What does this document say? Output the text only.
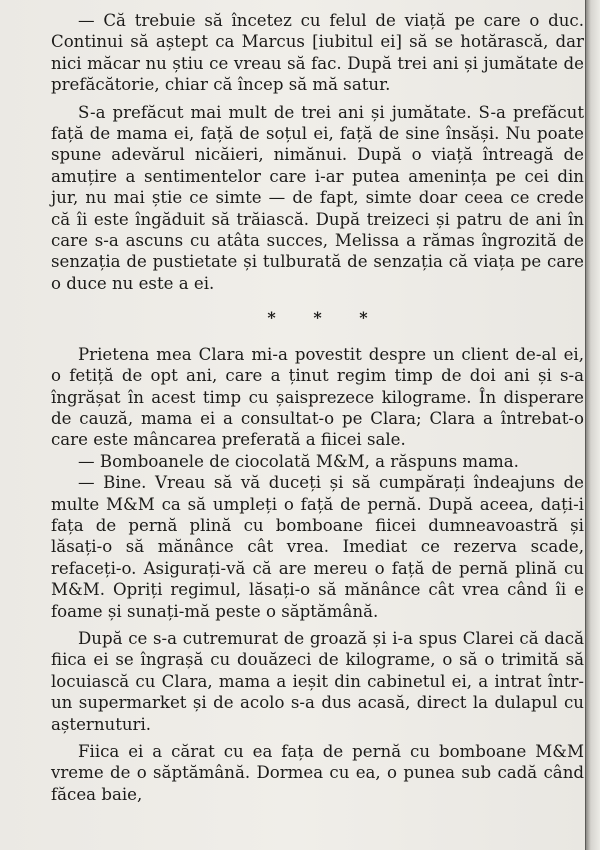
— Că trebuie să încetez cu felul de viață pe care o duc. Continui să aștept ca Marcus [iubitul ei] să se hotărască, dar nici măcar nu știu ce vreau să fac. După trei ani și jumătate de prefăcătorie, chiar că încep să mă satur.

S-a prefăcut mai mult de trei ani și jumătate. S-a prefăcut față de mama ei, față de soțul ei, față de sine însăși. Nu poate spune adevărul nicăieri, nimănui. După o viață întreagă de amuțire a sentimentelor care i-ar putea amenința pe cei din jur, nu mai știe ce simte — de fapt, simte doar ceea ce crede că îi este îngăduit să trăiască. După treizeci și patru de ani în care s-a ascuns cu atâta succes, Melissa a rămas îngrozită de senzația de pustietate și tulburată de senzația că viața pe care o duce nu este a ei.

* * *

Prietena mea Clara mi-a povestit despre un client de-al ei, o fetiță de opt ani, care a ținut regim timp de doi ani și s-a îngrășat în acest timp cu șaisprezece kilograme. În disperare de cauză, mama ei a consultat-o pe Clara; Clara a întrebat-o care este mâncarea preferată a fiicei sale.

— Bomboanele de ciocolată M&M, a răspuns mama.

— Bine. Vreau să vă duceți și să cumpărați îndeajuns de multe M&M ca să umpleți o față de pernă. După aceea, dați-i fața de pernă plină cu bomboane fiicei dumneavoastră și lăsați-o să mănânce cât vrea. Imediat ce rezerva scade, refaceți-o. Asigurați-vă că are mereu o față de pernă plină cu M&M. Opriți regimul, lăsați-o să mănânce cât vrea când îi e foame și sunați-mă peste o săptămână.

După ce s-a cutremurat de groază și i-a spus Clarei că dacă fiica ei se îngrașă cu douăzeci de kilograme, o să o trimită să locuiască cu Clara, mama a ieșit din cabinetul ei, a intrat într-un supermarket și de acolo s-a dus acasă, direct la dulapul cu așternuturi.

Fiica ei a cărat cu ea fața de pernă cu bomboane M&M vreme de o săptămână. Dormea cu ea, o punea sub cadă când făcea baie,
